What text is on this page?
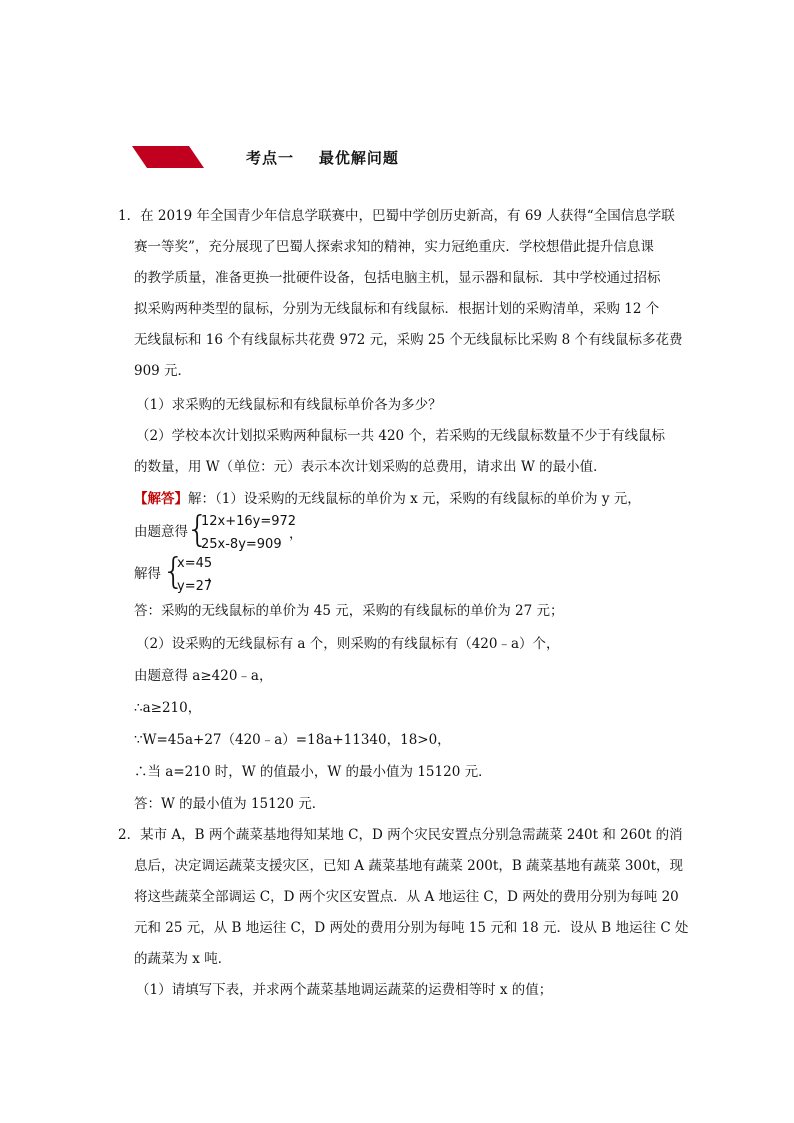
考点一    最优解问题
1．在 2019 年全国青少年信息学联赛中，巴蜀中学创历史新高，有 69 人获得“全国信息学联
赛一等奖”，充分展现了巴蜀人探索求知的精神，实力冠绝重庆．学校想借此提升信息课
的教学质量，准备更换一批硬件设备，包括电脑主机，显示器和鼠标．其中学校通过招标
拟采购两种类型的鼠标，分别为无线鼠标和有线鼠标．根据计划的采购清单，采购 12 个
无线鼠标和 16 个有线鼠标共花费 972 元，采购 25 个无线鼠标比采购 8 个有线鼠标多花费
909 元．
（1）求采购的无线鼠标和有线鼠标单价各为多少？
（2）学校本次计划拟采购两种鼠标一共 420 个，若采购的无线鼠标数量不少于有线鼠标
的数量，用 W（单位：元）表示本次计划采购的总费用，请求出 W 的最小值．
【解答】解：（1）设采购的无线鼠标的单价为 x 元，采购的有线鼠标的单价为 y 元，
由题意得
{
12x+16y=972
25x-8y=909
，
解得 {
x=45
y=27
，
答：采购的无线鼠标的单价为 45 元，采购的有线鼠标的单价为 27 元；
（2）设采购的无线鼠标有 a 个，则采购的有线鼠标有（420﹣a）个，
由题意得 a≥420﹣a，
∴a≥210，
∵W=45a+27（420﹣a）=18a+11340，18>0，
∴当 a=210 时，W 的值最小，W 的最小值为 15120 元．
答：W 的最小值为 15120 元．
2．某市 A，B 两个蔬菜基地得知某地 C，D 两个灾民安置点分别急需蔬菜 240t 和 260t 的消
息后，决定调运蔬菜支援灾区，已知 A 蔬菜基地有蔬菜 200t，B 蔬菜基地有蔬菜 300t，现
将这些蔬菜全部调运 C，D 两个灾区安置点．从 A 地运往 C，D 两处的费用分别为每吨 20
元和 25 元，从 B 地运往 C，D 两处的费用分别为每吨 15 元和 18 元．设从 B 地运往 C 处
的蔬菜为 x 吨．
（1）请填写下表，并求两个蔬菜基地调运蔬菜的运费相等时 x 的值；
